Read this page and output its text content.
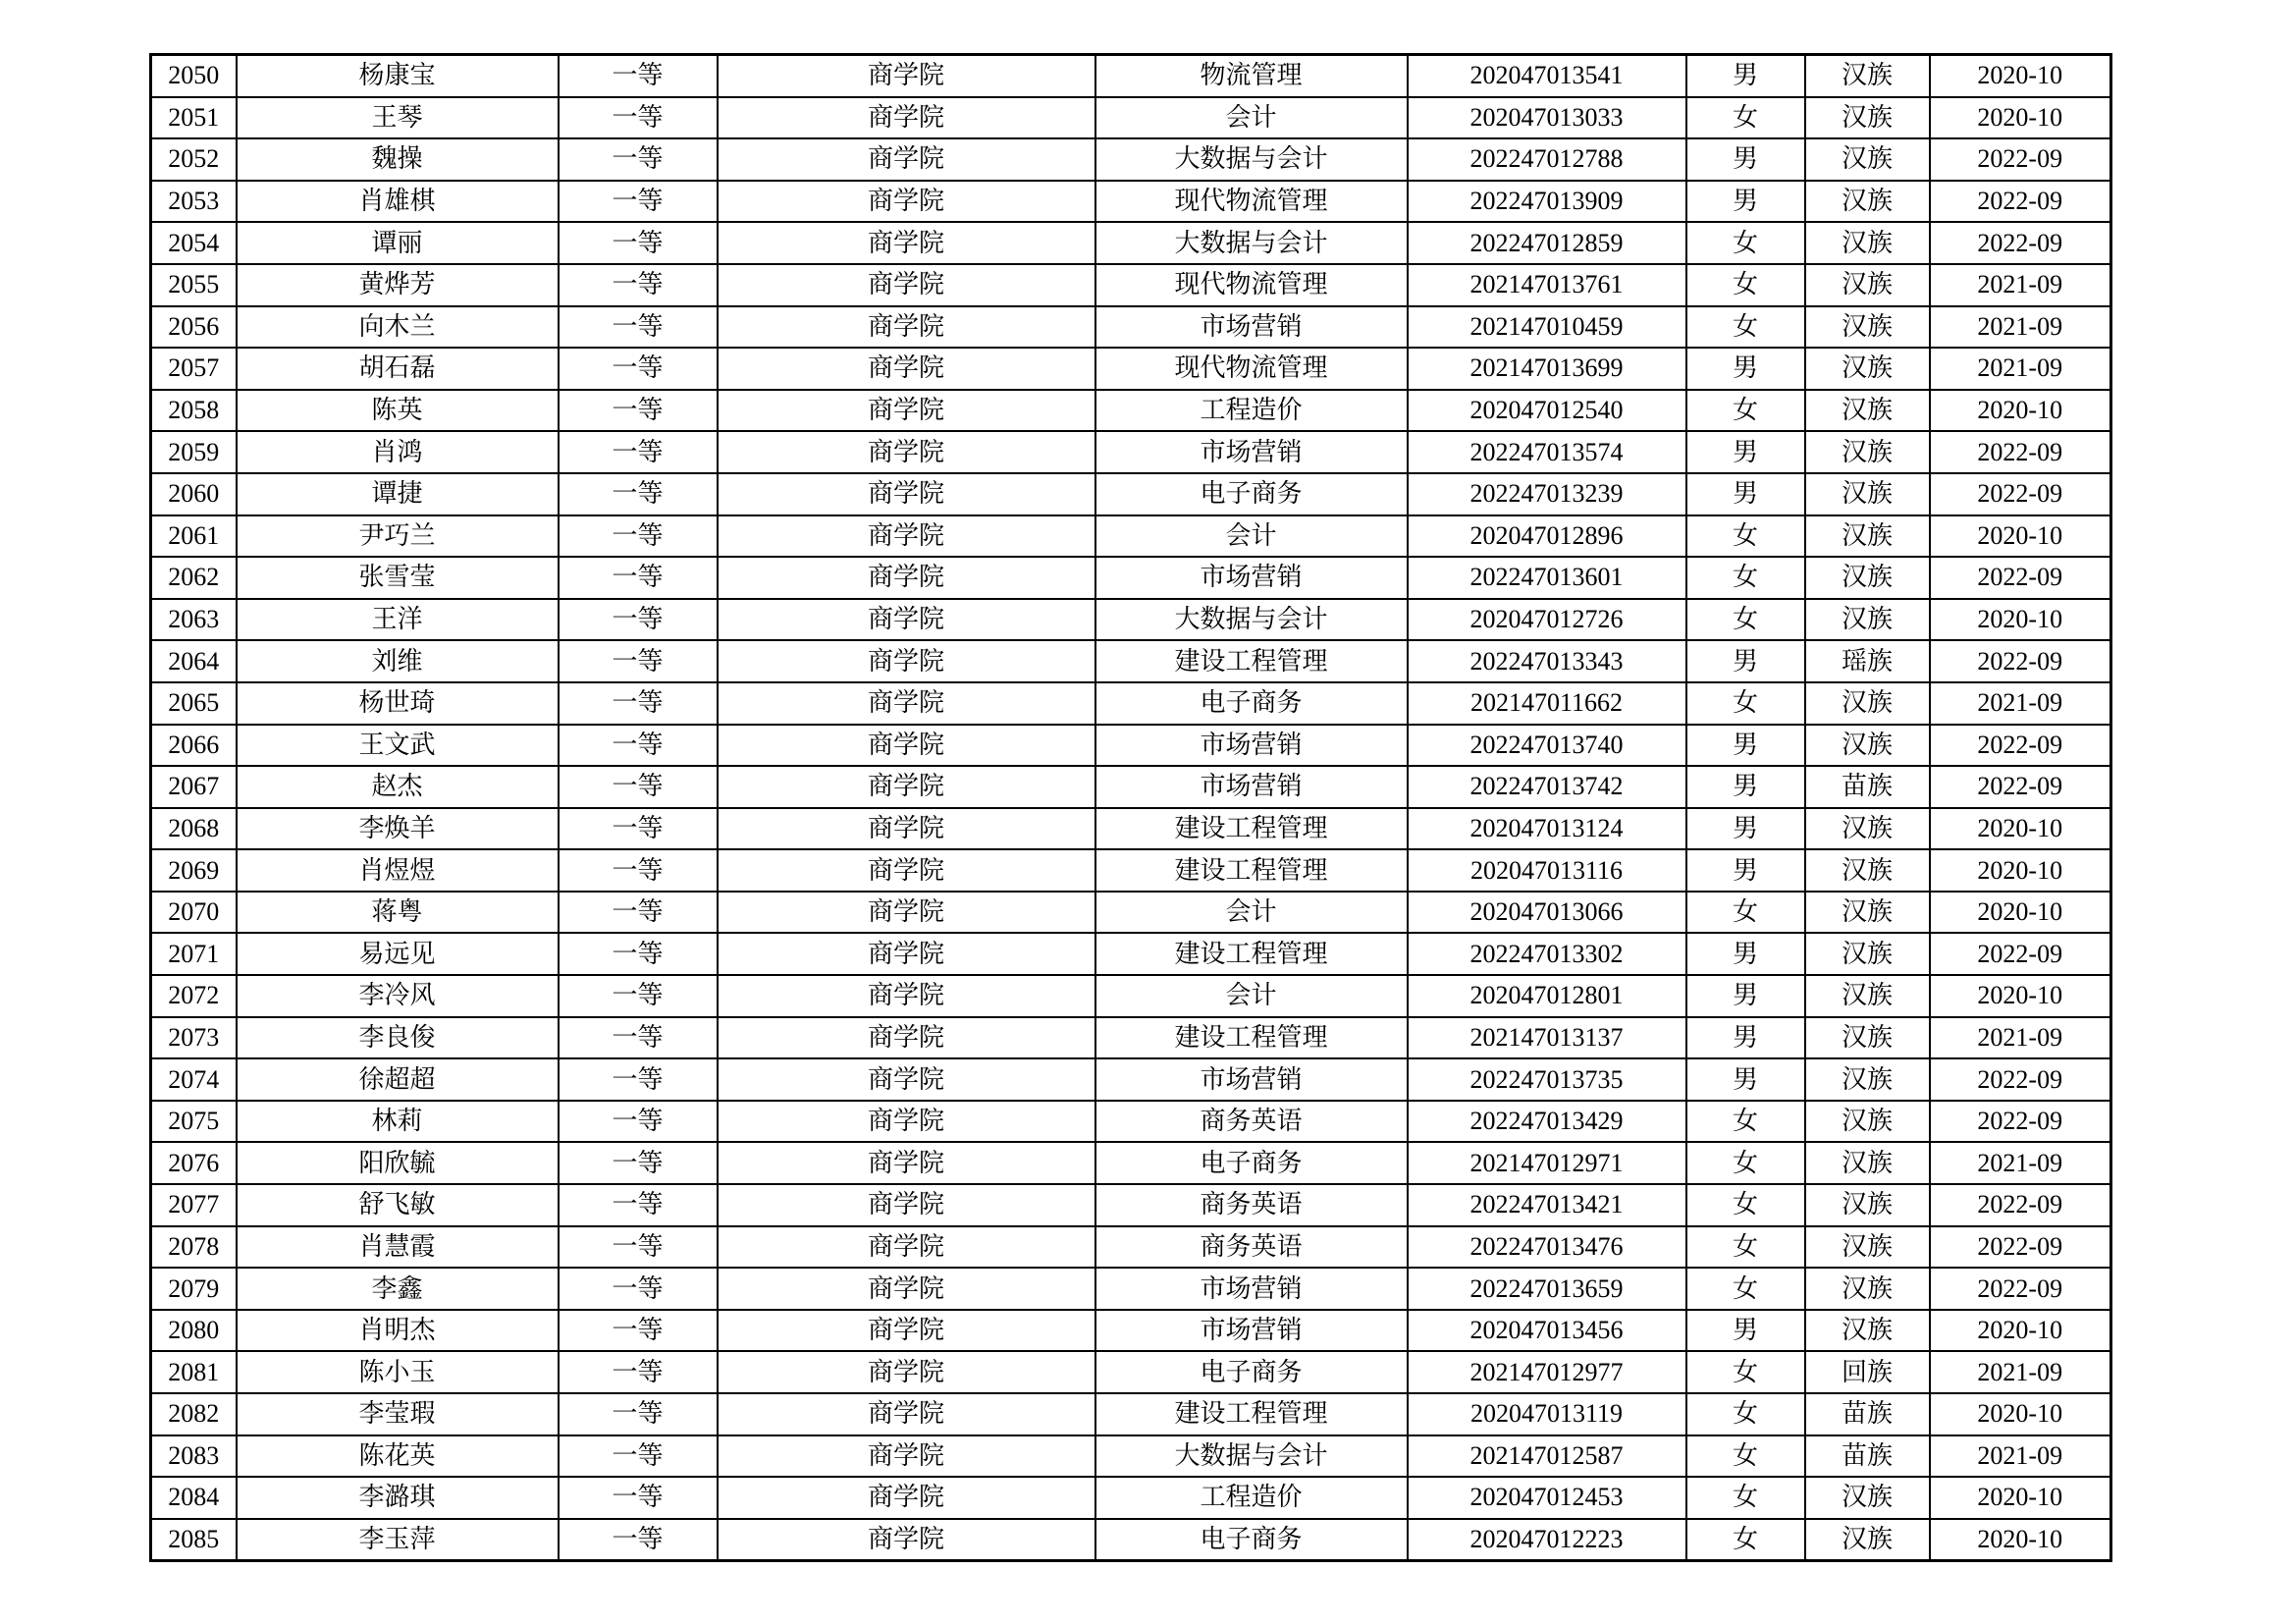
2050	杨康宝	一等	商学院	物流管理	202047013541	男	汉族	2020-10
2051	王琴	一等	商学院	会计	202047013033	女	汉族	2020-10
2052	魏操	一等	商学院	大数据与会计	202247012788	男	汉族	2022-09
2053	肖雄棋	一等	商学院	现代物流管理	202247013909	男	汉族	2022-09
2054	谭丽	一等	商学院	大数据与会计	202247012859	女	汉族	2022-09
2055	黄烨芳	一等	商学院	现代物流管理	202147013761	女	汉族	2021-09
2056	向木兰	一等	商学院	市场营销	202147010459	女	汉族	2021-09
2057	胡石磊	一等	商学院	现代物流管理	202147013699	男	汉族	2021-09
2058	陈英	一等	商学院	工程造价	202047012540	女	汉族	2020-10
2059	肖鸿	一等	商学院	市场营销	202247013574	男	汉族	2022-09
2060	谭捷	一等	商学院	电子商务	202247013239	男	汉族	2022-09
2061	尹巧兰	一等	商学院	会计	202047012896	女	汉族	2020-10
2062	张雪莹	一等	商学院	市场营销	202247013601	女	汉族	2022-09
2063	王洋	一等	商学院	大数据与会计	202047012726	女	汉族	2020-10
2064	刘维	一等	商学院	建设工程管理	202247013343	男	瑶族	2022-09
2065	杨世琦	一等	商学院	电子商务	202147011662	女	汉族	2021-09
2066	王文武	一等	商学院	市场营销	202247013740	男	汉族	2022-09
2067	赵杰	一等	商学院	市场营销	202247013742	男	苗族	2022-09
2068	李焕羊	一等	商学院	建设工程管理	202047013124	男	汉族	2020-10
2069	肖煜煜	一等	商学院	建设工程管理	202047013116	男	汉族	2020-10
2070	蒋粤	一等	商学院	会计	202047013066	女	汉族	2020-10
2071	易远见	一等	商学院	建设工程管理	202247013302	男	汉族	2022-09
2072	李冷风	一等	商学院	会计	202047012801	男	汉族	2020-10
2073	李良俊	一等	商学院	建设工程管理	202147013137	男	汉族	2021-09
2074	徐超超	一等	商学院	市场营销	202247013735	男	汉族	2022-09
2075	林莉	一等	商学院	商务英语	202247013429	女	汉族	2022-09
2076	阳欣毓	一等	商学院	电子商务	202147012971	女	汉族	2021-09
2077	舒飞敏	一等	商学院	商务英语	202247013421	女	汉族	2022-09
2078	肖慧霞	一等	商学院	商务英语	202247013476	女	汉族	2022-09
2079	李鑫	一等	商学院	市场营销	202247013659	女	汉族	2022-09
2080	肖明杰	一等	商学院	市场营销	202047013456	男	汉族	2020-10
2081	陈小玉	一等	商学院	电子商务	202147012977	女	回族	2021-09
2082	李莹瑕	一等	商学院	建设工程管理	202047013119	女	苗族	2020-10
2083	陈花英	一等	商学院	大数据与会计	202147012587	女	苗族	2021-09
2084	李潞琪	一等	商学院	工程造价	202047012453	女	汉族	2020-10
2085	李玉萍	一等	商学院	电子商务	202047012223	女	汉族	2020-10
